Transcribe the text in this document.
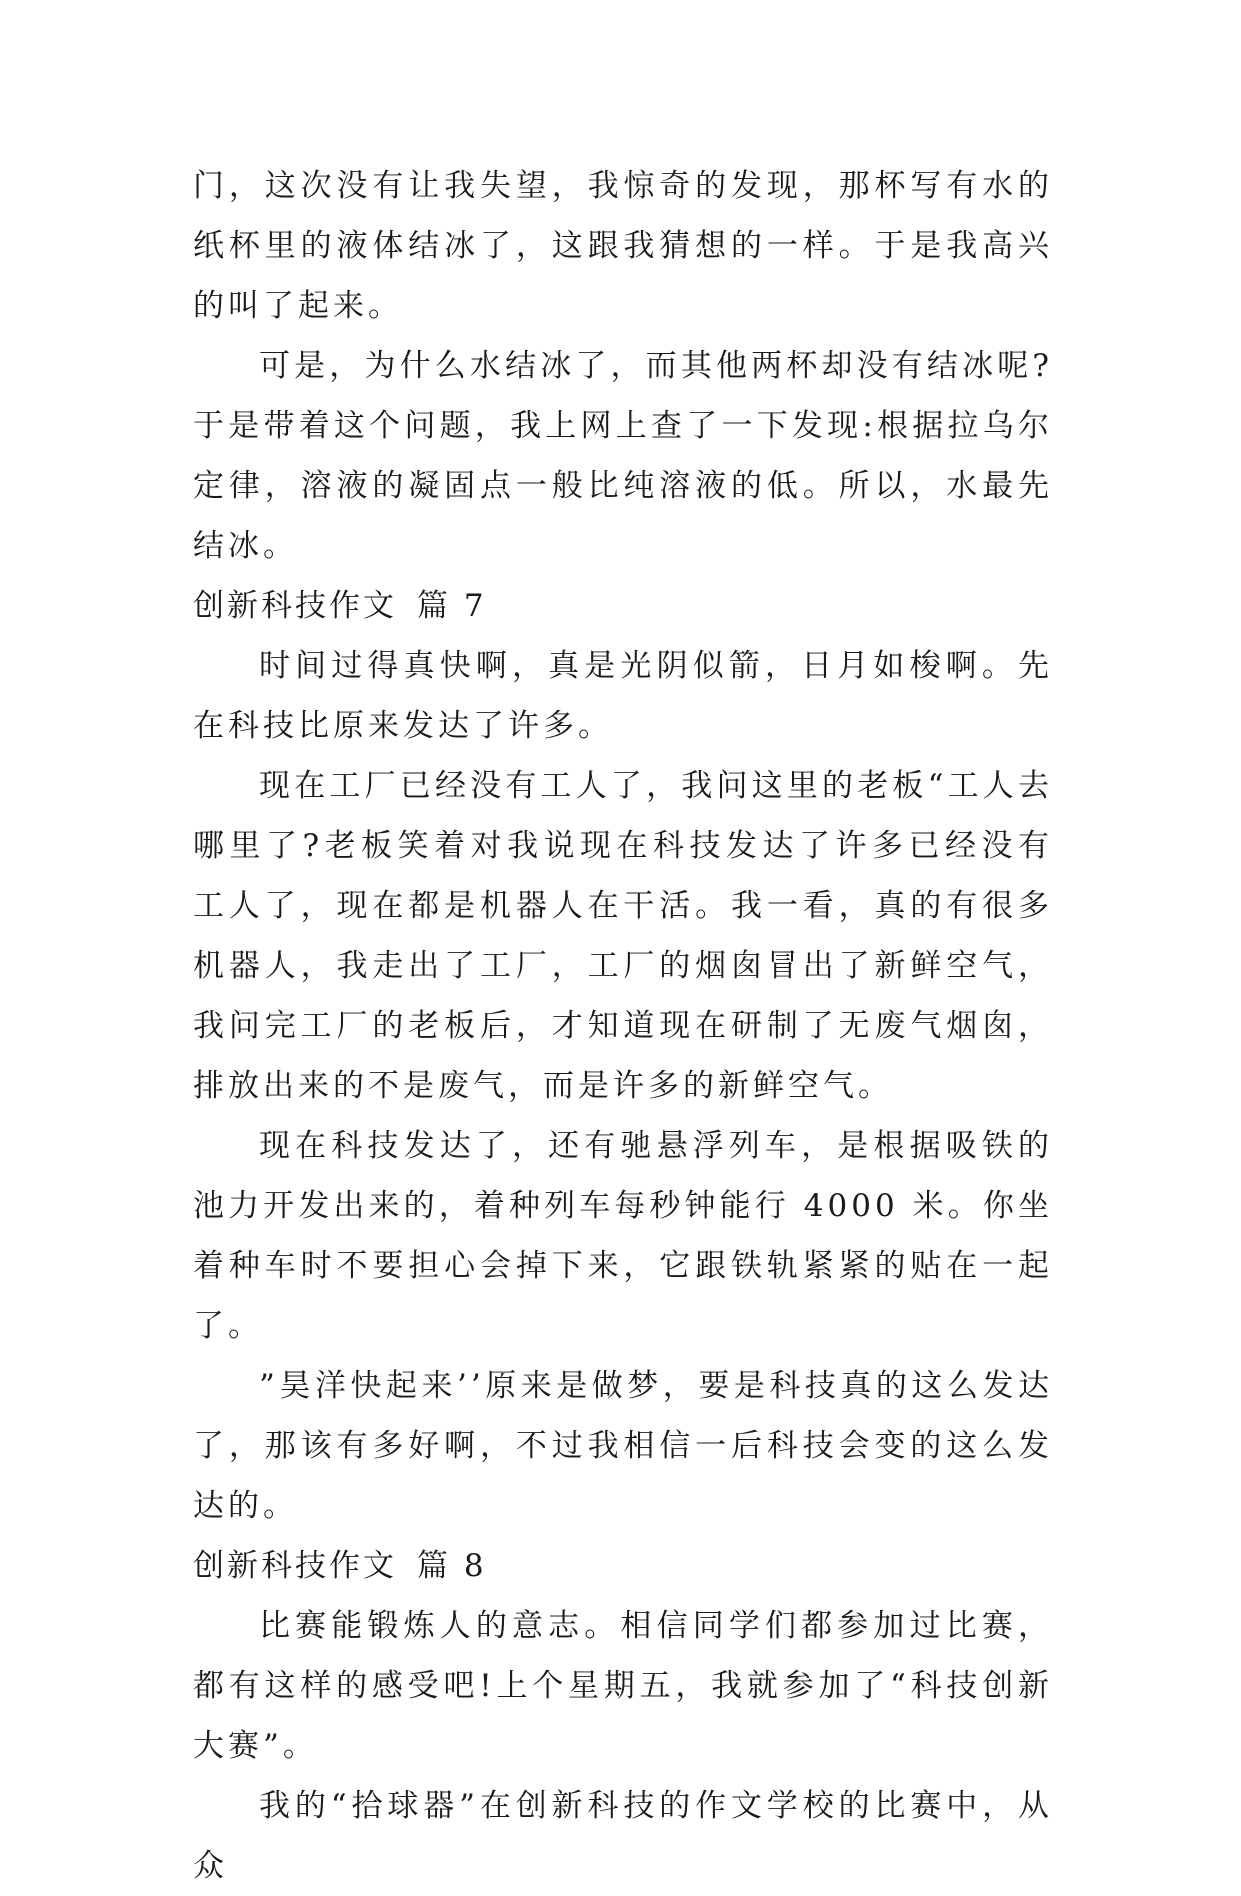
门，这次没有让我失望，我惊奇的发现，那杯写有水的纸杯里的液体结冰了，这跟我猜想的一样。于是我高兴的叫了起来。

可是，为什么水结冰了，而其他两杯却没有结冰呢?于是带着这个问题，我上网上查了一下发现:根据拉乌尔定律，溶液的凝固点一般比纯溶液的低。所以，水最先结冰。

创新科技作文 篇 7

时间过得真快啊，真是光阴似箭，日月如梭啊。先在科技比原来发达了许多。

现在工厂已经没有工人了，我问这里的老板“工人去哪里了?老板笑着对我说现在科技发达了许多已经没有工人了，现在都是机器人在干活。我一看，真的有很多机器人，我走出了工厂，工厂的烟囱冒出了新鲜空气，我问完工厂的老板后，才知道现在研制了无废气烟囱，排放出来的不是废气，而是许多的新鲜空气。

现在科技发达了，还有驰悬浮列车，是根据吸铁的池力开发出来的，着种列车每秒钟能行 4000 米。你坐着种车时不要担心会掉下来，它跟铁轨紧紧的贴在一起了。

”昊洋快起来’’原来是做梦，要是科技真的这么发达了，那该有多好啊，不过我相信一后科技会变的这么发达的。

创新科技作文 篇 8

比赛能锻炼人的意志。相信同学们都参加过比赛，都有这样的感受吧!上个星期五，我就参加了“科技创新大赛”。

我的“拾球器”在创新科技的作文学校的比赛中，从众
